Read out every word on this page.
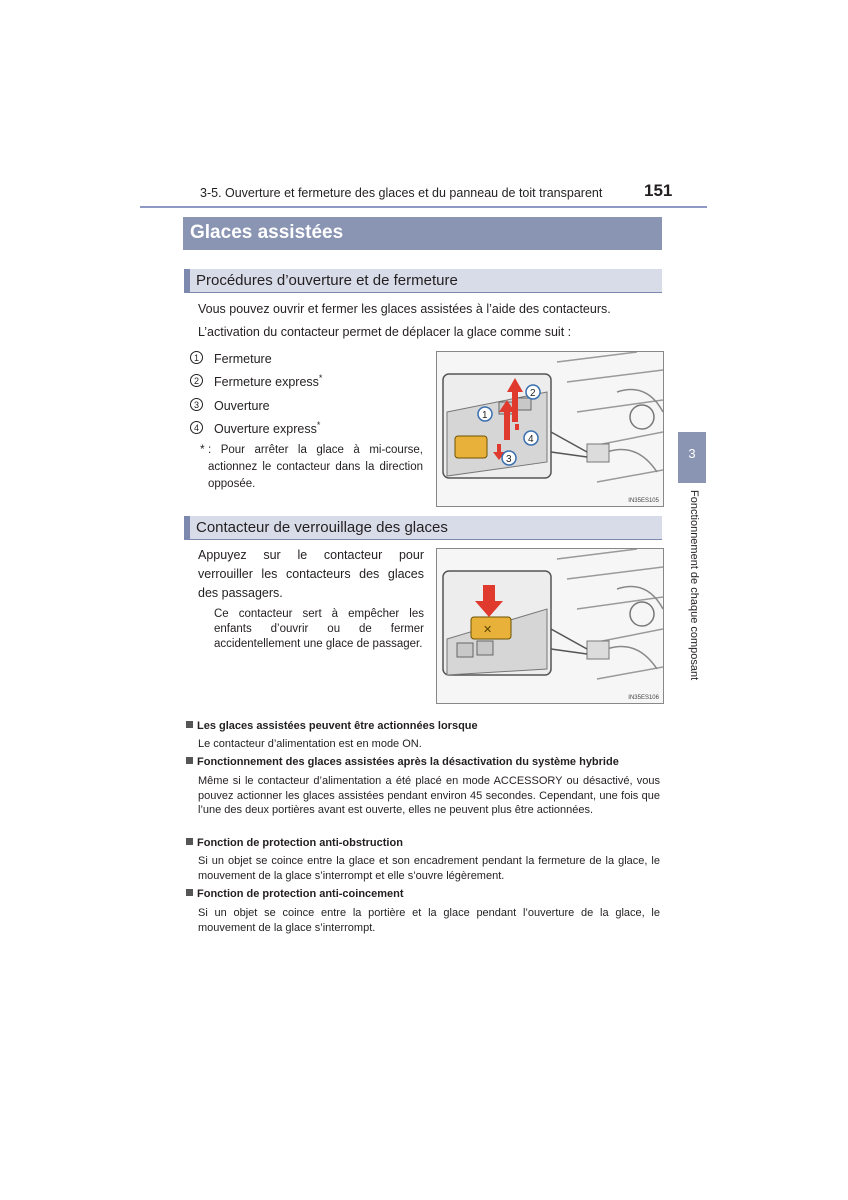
3-5. Ouverture et fermeture des glaces et du panneau de toit transparent 151
Glaces assistées
Procédures d’ouverture et de fermeture
Vous pouvez ouvrir et fermer les glaces assistées à l’aide des contacteurs.
L’activation du contacteur permet de déplacer la glace comme suit :
1 Fermeture
2 Fermeture express*
3 Ouverture
4 Ouverture express*
* : Pour arrêter la glace à mi-course, actionnez le contacteur dans la direction opposée.
1
2
3
4
IN35ES105
Contacteur de verrouillage des glaces
Appuyez sur le contacteur pour verrouiller les contacteurs des glaces des passagers.
Ce contacteur sert à empêcher les enfants d’ouvrir ou de fermer accidentellement une glace de passager.
✕
IN35ES106
3
Fonctionnement de chaque composant
Les glaces assistées peuvent être actionnées lorsque
Le contacteur d’alimentation est en mode ON.
Fonctionnement des glaces assistées après la désactivation du système hybride
Même si le contacteur d’alimentation a été placé en mode ACCESSORY ou désactivé, vous pouvez actionner les glaces assistées pendant environ 45 secondes. Cependant, une fois que l’une des deux portières avant est ouverte, elles ne peuvent plus être actionnées.
Fonction de protection anti-obstruction
Si un objet se coince entre la glace et son encadrement pendant la fermeture de la glace, le mouvement de la glace s’interrompt et elle s’ouvre légèrement.
Fonction de protection anti-coincement
Si un objet se coince entre la portière et la glace pendant l’ouverture de la glace, le mouvement de la glace s’interrompt.
